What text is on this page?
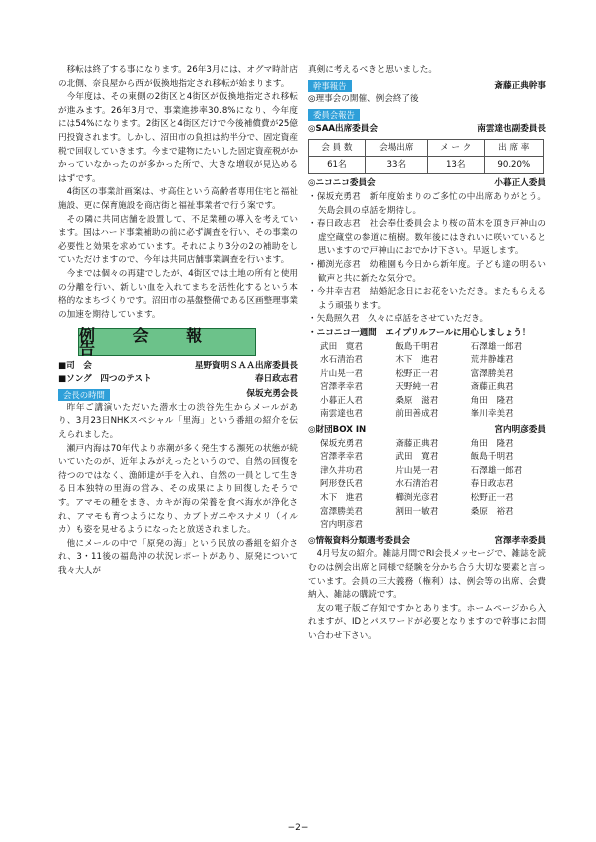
移転は終了する事になります。26年3月には、オグマ時計店の北側、奈良屋から西が仮換地指定され移転が始まります。

今年度は、その東側の2街区と4街区が仮換地指定され移転が進みます。26年3月で、事業進捗率30.8%になり、今年度には54%になります。2街区と4街区だけで今後補償費が25億円投資されます。しかし、沼田市の負担は約半分で、固定資産税で回収していきます。今まで建物にたいした固定資産税がかかっていなかったのが多かった所で、大きな増収が見込めるはずです。

4街区の事業計画案は、サ高住という高齢者専用住宅と福祉施設、更に保育施設を商店街と福祉事業者で行う案です。

その隣に共同店舗を設置して、不足業種の導入を考えています。国はハード事業補助の前に必ず調査を行い、その事業の必要性と効果を求めています。それにより3分の2の補助をしていただけますので、今年は共同店舗事業調査を行います。

今までは個々の再建でしたが、4街区では土地の所有と使用の分離を行い、新しい血を入れてまちを活性化するという本格的なまちづくりです。沼田市の基盤整備である区画整理事業の加速を期待しています。

例 会 報 告
■司　会	星野資明ＳＡＡ出席委員長
■ソング　四つのテスト	春日政志君
会長の時間	保坂充勇会長

昨年ご講演いただいた潜水士の渋谷先生からメールがあり、3月23日NHKスペシャル「里海」という番組の紹介を伝えられました。

瀬戸内海は70年代より赤潮が多く発生する瀕死の状態が続いていたのが、近年よみがえったというので、自然の回復を待つのではなく、漁師達が手を入れ、自然の一員として生きる日本独特の里海の営み、その成果により回復したそうです。アマモの種をまき、カキが海の栄養を食べ海水が浄化され、アマモも育つようになり、カブトガニやスナメリ（イルカ）も姿を見せるようになったと放送されました。

他にメールの中で「原発の海」という民放の番組を紹介され、3・11後の福島沖の状況レポートがあり、原発について我々大人が

真剣に考えるべきと思いました。

幹事報告	斎藤正典幹事

◎理事会の開催、例会終了後

委員会報告
◎SAA出席委員会	南雲達也副委員長
会 員 数	会場出席	メ ー ク	出 席 率
61名	33名	13名	90.20%
◎ニコニコ委員会	小暮正人委員
・保坂充勇君　新年度始まりのご多忙の中出席ありがとう。矢島会員の卓話を期待し。
・春日政志君　社会奉仕委員会より桜の苗木を頂き戸神山の虚空蔵堂の参道に植樹。数年後にはきれいに咲いていると思いますので戸神山におでかけ下さい。早返します。
・櫛渕光彦君　幼稚園も今日から新年度。子ども達の明るい歓声と共に新たな気分で。
・今井幸吉君　結婚記念日にお花をいただき。またもらえるよう頑張ります。
・矢島照久君　久々に卓話をさせていただき。
・ニコニコ一週間　エイプリルフールに用心しましょう！
武田　寛君	飯島千明君	石澤雄一郎君
水石清治君	木下　進君	荒井静雄君
片山晃一君	松野正一君	富澤勝美君
宮澤孝幸君	天野純一君	斎藤正典君
小暮正人君	桑原　滋君	角田　隆君
南雲達也君	前田善成君	峯川幸美君
◎財団BOX IN	宮内明彦委員
保坂充勇君	斎藤正典君	角田　隆君
宮澤孝幸君	武田　寛君	飯島千明君
津久井功君	片山晃一君	石澤雄一郎君
阿形登氏君	水石清治君	春日政志君
木下　進君	櫛渕光彦君	松野正一君
富澤勝美君	割田一敏君	桑原　裕君
宮内明彦君
◎情報資料分類選考委員会	宮澤孝幸委員

4月号友の紹介。雑誌月間でRI会長メッセージで、雑誌を読むのは例会出席と同様で経験を分かち合う大切な要素と言っています。会員の三大義務（権利）は、例会等の出席、会費納入、雑誌の購読です。

友の電子版ご存知ですかとあります。ホームページから入れますが、IDとパスワードが必要となりますので幹事にお問い合わせ下さい。

−2−
